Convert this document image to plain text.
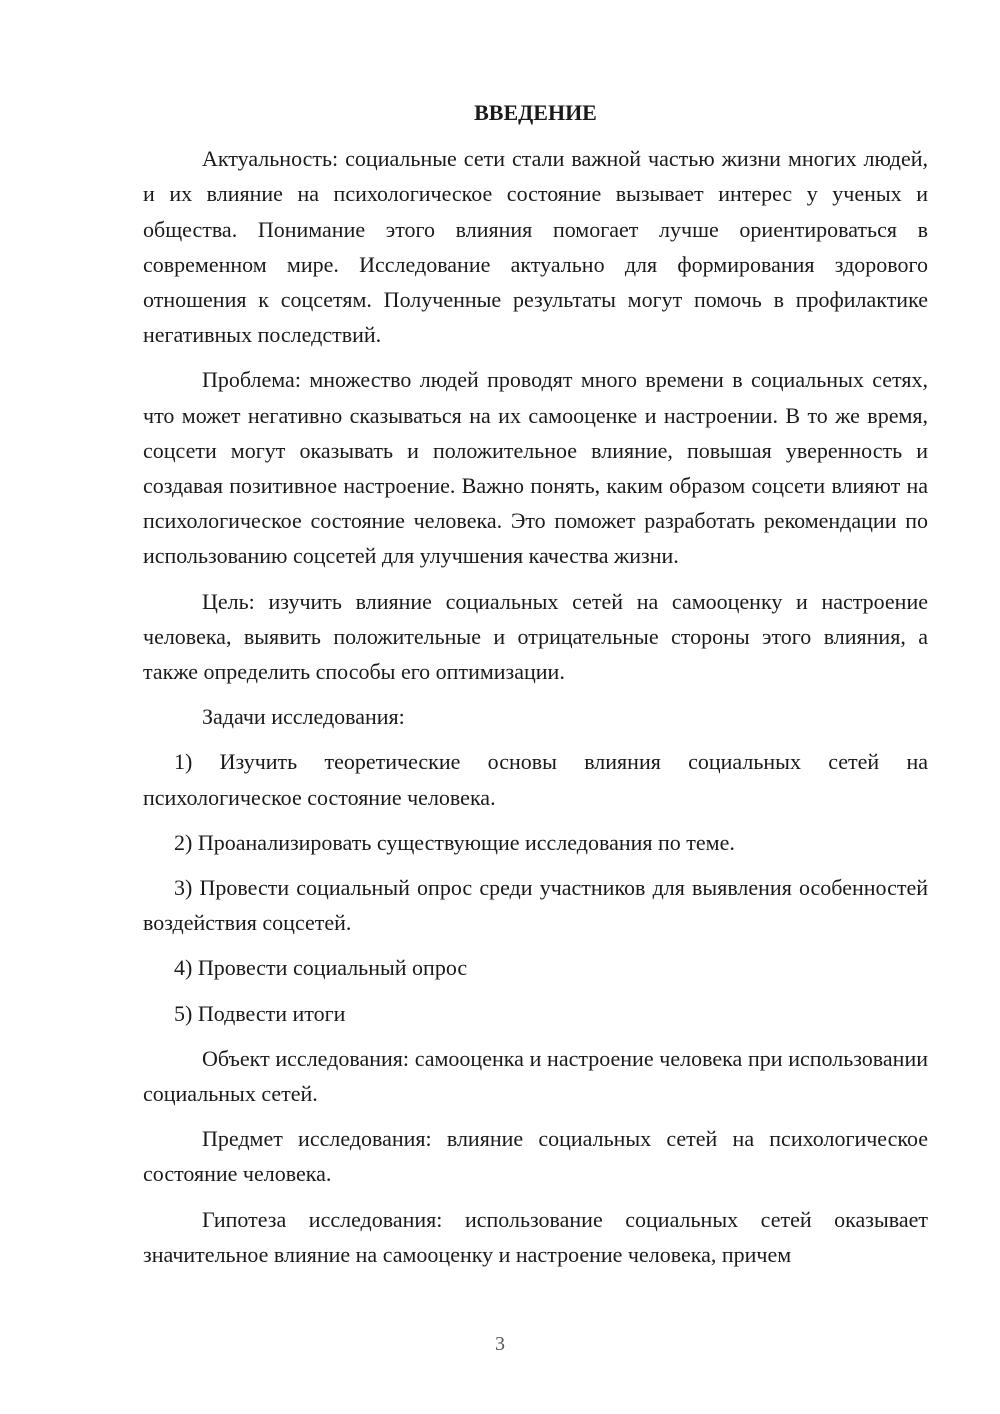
ВВЕДЕНИЕ

Актуальность: социальные сети стали важной частью жизни многих людей, и их влияние на психологическое состояние вызывает интерес у ученых и общества. Понимание этого влияния помогает лучше ориентироваться в современном мире. Исследование актуально для формирования здорового отношения к соцсетям. Полученные результаты могут помочь в профилактике негативных последствий.

Проблема: множество людей проводят много времени в социальных сетях, что может негативно сказываться на их самооценке и настроении. В то же время, соцсети могут оказывать и положительное влияние, повышая уверенность и создавая позитивное настроение. Важно понять, каким образом соцсети влияют на психологическое состояние человека. Это поможет разработать рекомендации по использованию соцсетей для улучшения качества жизни.

Цель: изучить влияние социальных сетей на самооценку и настроение человека, выявить положительные и отрицательные стороны этого влияния, а также определить способы его оптимизации.

Задачи исследования:

1) Изучить теоретические основы влияния социальных сетей на психологическое состояние человека.

2) Проанализировать существующие исследования по теме.

3) Провести социальный опрос среди участников для выявления особенностей воздействия соцсетей.

4) Провести социальный опрос

5) Подвести итоги

Объект исследования: самооценка и настроение человека при использовании социальных сетей.

Предмет исследования: влияние социальных сетей на психологическое состояние человека.

Гипотеза исследования: использование социальных сетей оказывает значительное влияние на самооценку и настроение человека, причем

3
